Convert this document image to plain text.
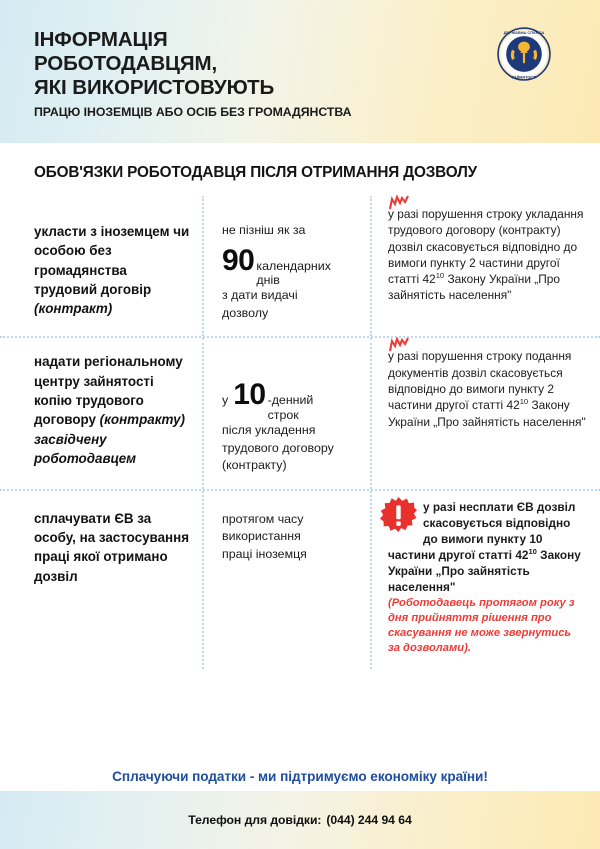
ІНФОРМАЦІЯ
РОБОТОДАВЦЯМ,
ЯКІ ВИКОРИСТОВУЮТЬ
ПРАЦЮ ІНОЗЕМЦІВ АБО ОСІБ БЕЗ ГРОМАДЯНСТВА
ДЕРЖАВНА СЛУЖБА
ЗАЙНЯТОСТІ
ОБОВ'ЯЗКИ РОБОТОДАВЦЯ ПІСЛЯ ОТРИМАННЯ ДОЗВОЛУ
укласти з іноземцем чи особою без громадянства трудовий договір (контракт)
не пізніш як за
90 календарних
днів
з дати видачі
дозволу
у разі порушення строку укладання трудового договору (контракту) дозвіл скасовується відповідно до вимоги пункту 2 частини другої статті $42^{10}$ Закону України „Про зайнятість населення"
надати регіональному центру зайнятості копію трудового договору (контракту) засвідчену роботодавцем
у 10 -денний
строк
після укладення
трудового договору
(контракту)
у разі порушення строку подання документів дозвіл скасовується відповідно до вимоги пункту 2 частини другої статті $42^{10}$ Закону України „Про зайнятість населення"
сплачувати ЄВ за особу, на застосування праці якої отримано дозвіл
протягом часу
використання
праці іноземця
у разі несплати ЄВ дозвіл скасовується відповідно до вимоги пункту 10 частини другої статті $42^{10}$ Закону України „Про зайнятість населення"
(Роботодавець протягом року з дня прийняття рішення про скасування не може звернутись за дозволами).
Сплачуючи податки - ми підтримуємо економіку країни!
Телефон для довідки: (044) 244 94 64
